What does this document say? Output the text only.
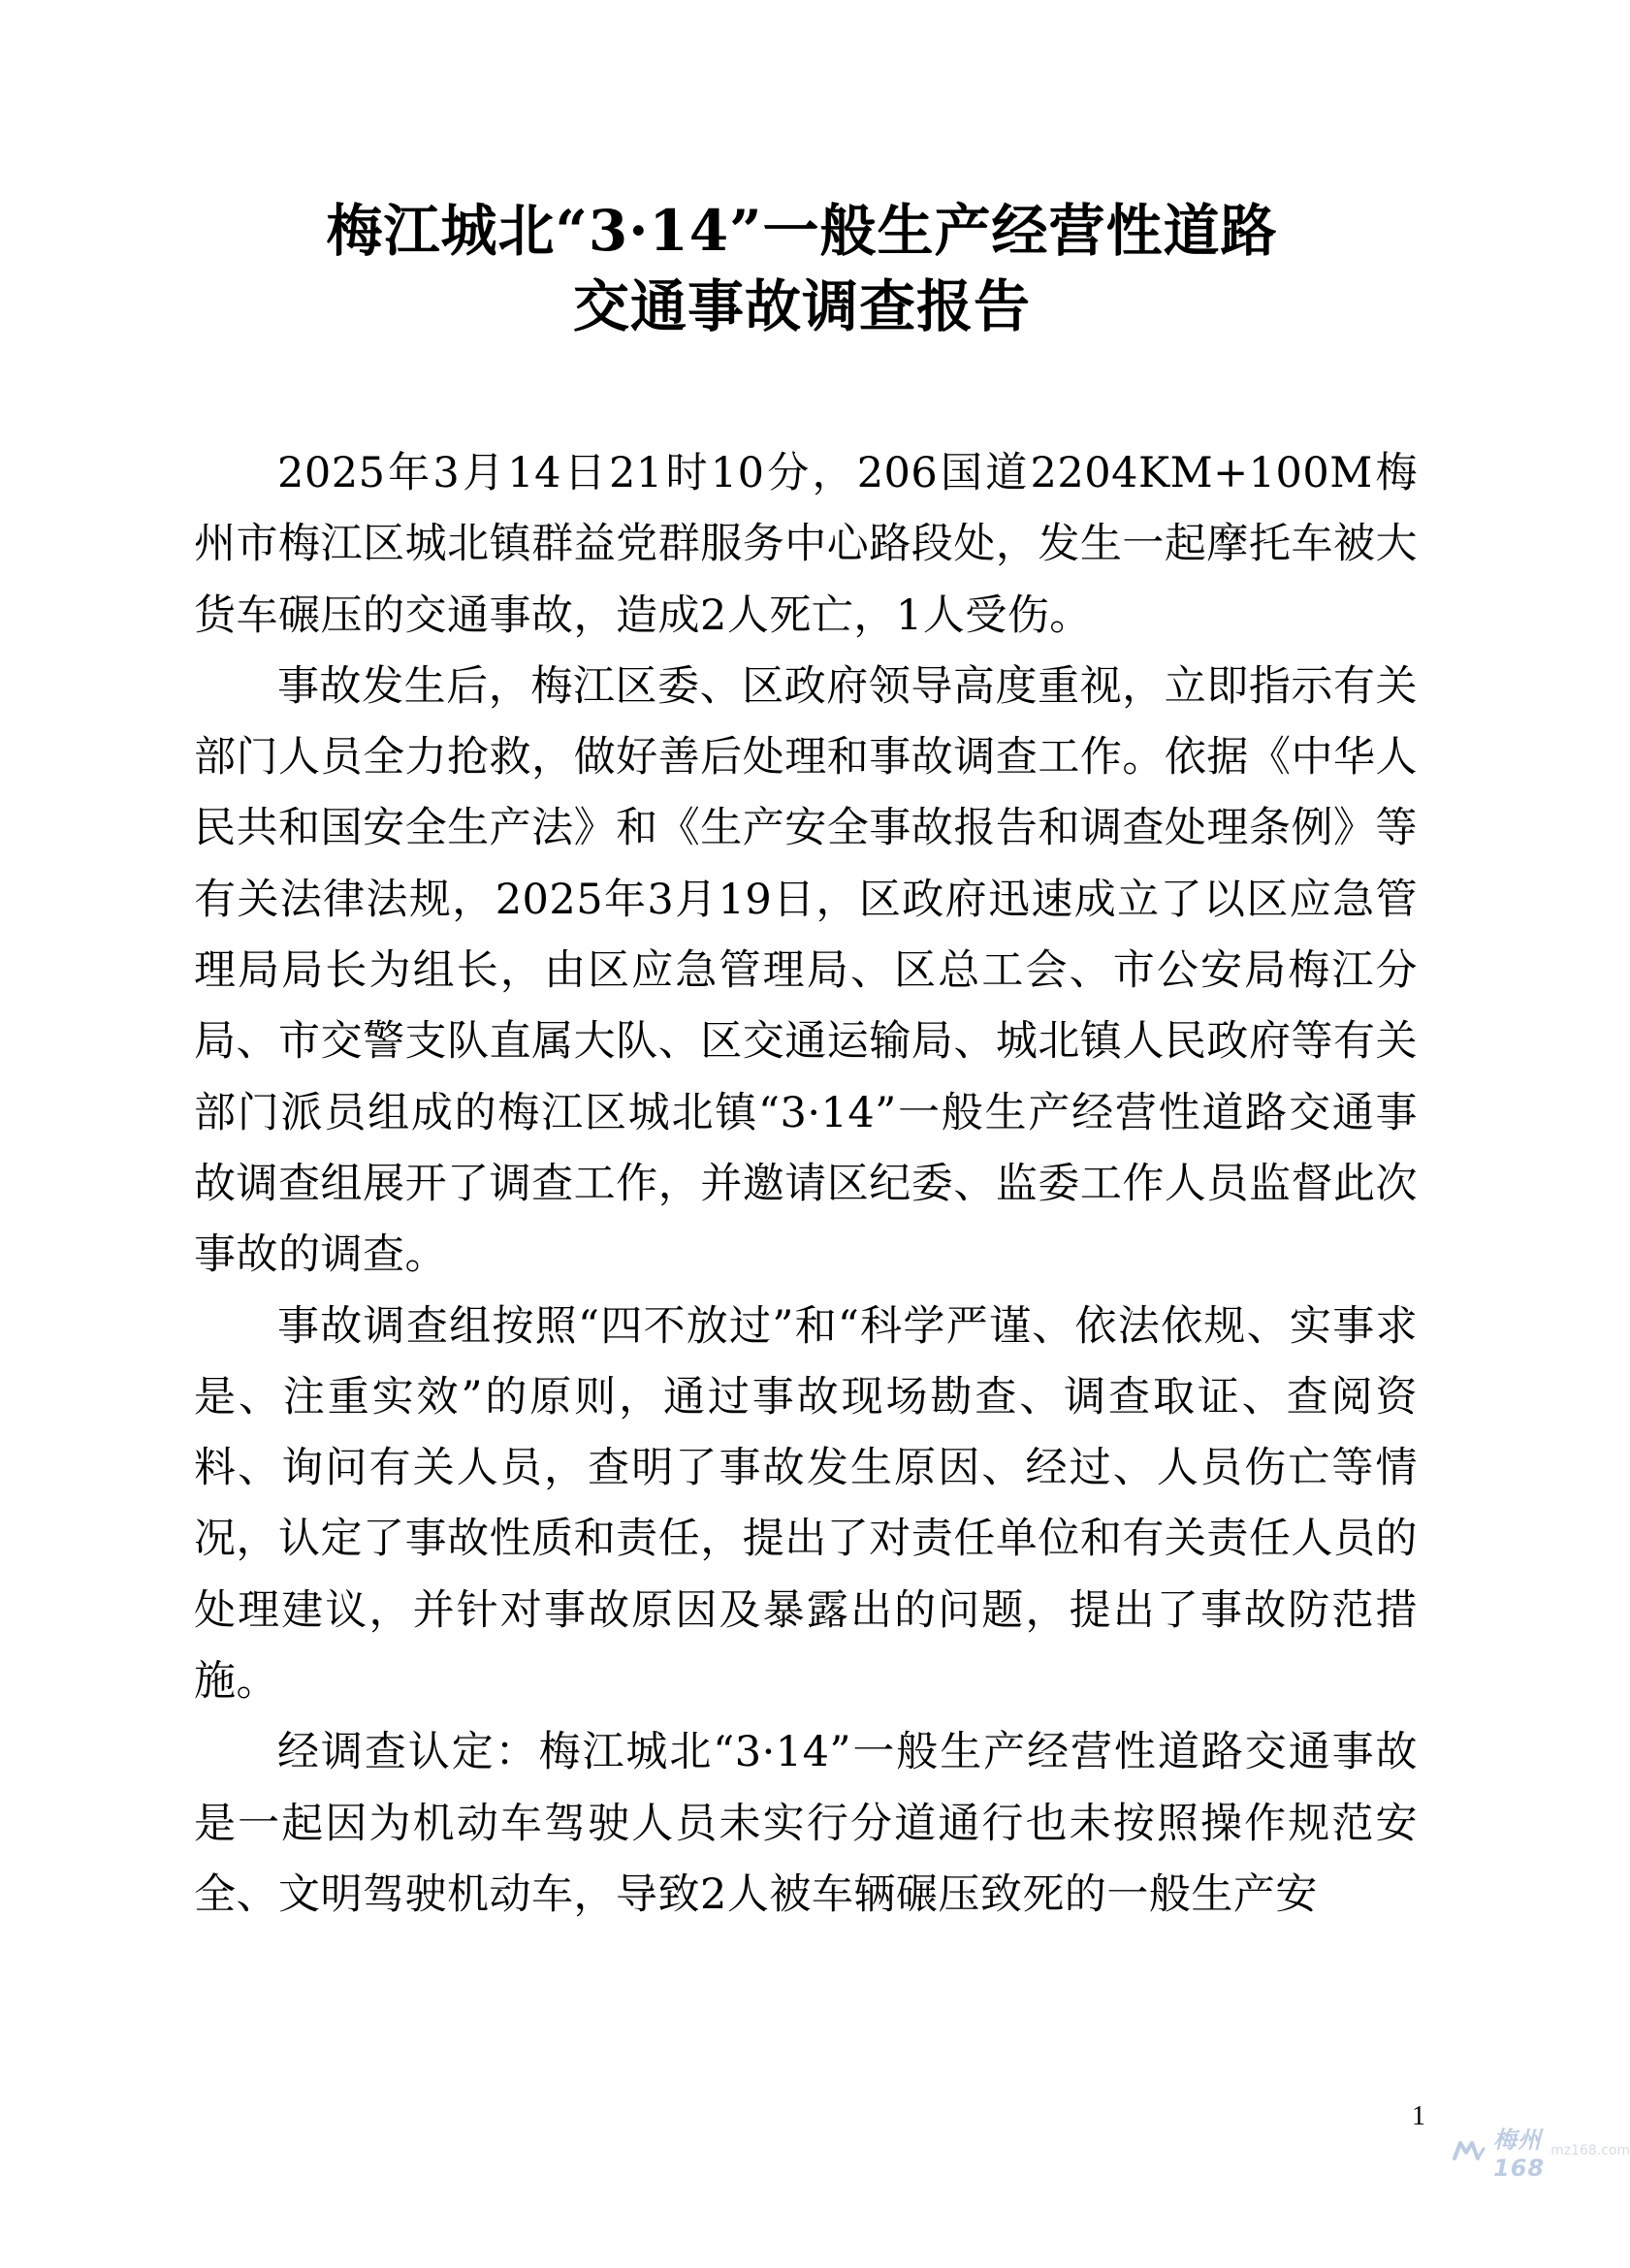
梅江城北“3·14”一般生产经营性道路
交通事故调查报告

2025年3月14日21时10分，206国道2204KM+100M梅州市梅江区城北镇群益党群服务中心路段处，发生一起摩托车被大货车碾压的交通事故，造成2人死亡，1人受伤。

事故发生后，梅江区委、区政府领导高度重视，立即指示有关部门人员全力抢救，做好善后处理和事故调查工作。依据《中华人民共和国安全生产法》和《生产安全事故报告和调查处理条例》等有关法律法规，2025年3月19日，区政府迅速成立了以区应急管理局局长为组长，由区应急管理局、区总工会、市公安局梅江分局、市交警支队直属大队、区交通运输局、城北镇人民政府等有关部门派员组成的梅江区城北镇“3·14”一般生产经营性道路交通事故调查组展开了调查工作，并邀请区纪委、监委工作人员监督此次事故的调查。

事故调查组按照“四不放过”和“科学严谨、依法依规、实事求是、注重实效”的原则，通过事故现场勘查、调查取证、查阅资料、询问有关人员，查明了事故发生原因、经过、人员伤亡等情况，认定了事故性质和责任，提出了对责任单位和有关责任人员的处理建议，并针对事故原因及暴露出的问题，提出了事故防范措施。

经调查认定：梅江城北“3·14”一般生产经营性道路交通事故是一起因为机动车驾驶人员未实行分道通行也未按照操作规范安全、文明驾驶机动车，导致2人被车辆碾压致死的一般生产安

1
梅州168
mz168.com
